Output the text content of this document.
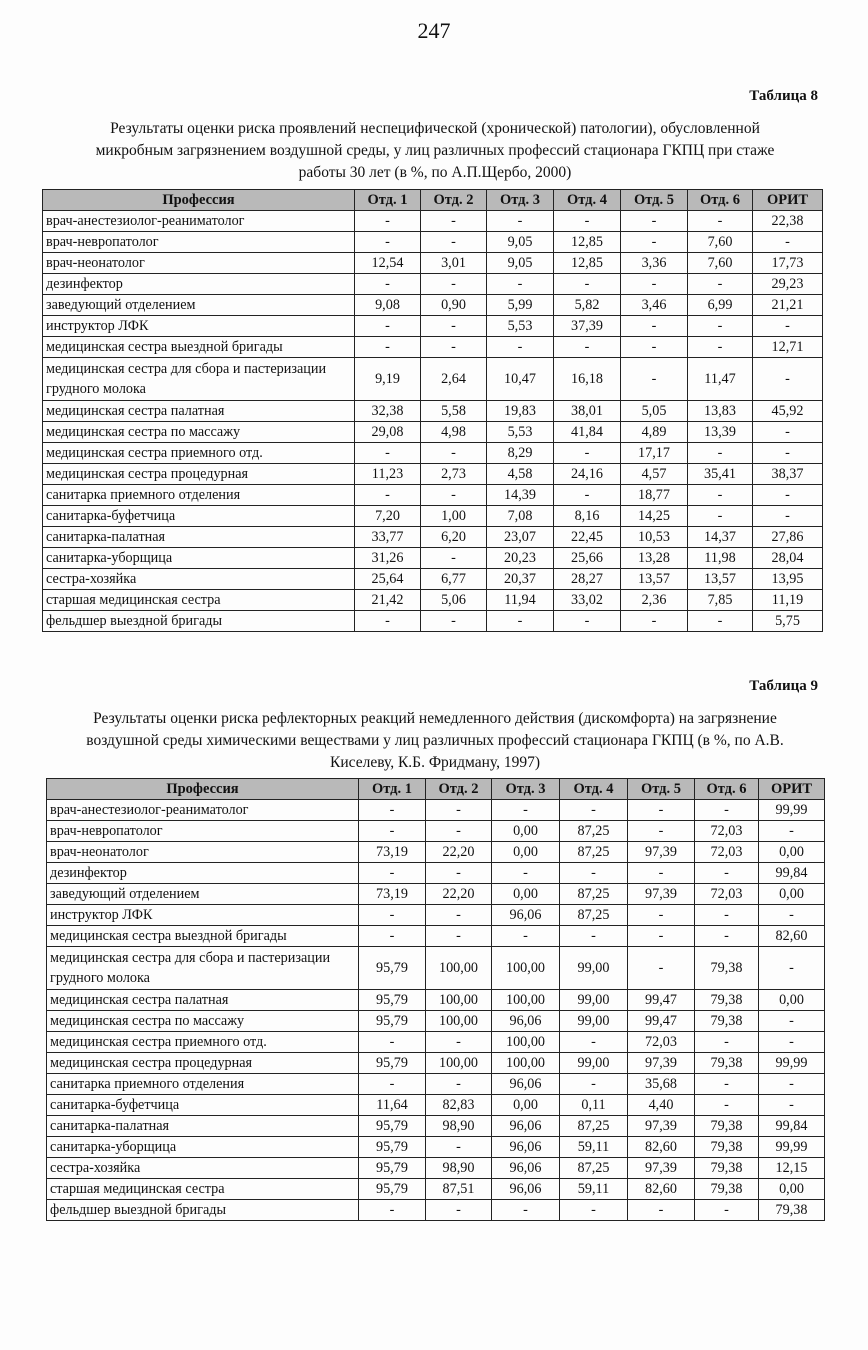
247
Таблица 8
Результаты оценки риска проявлений неспецифической (хронической) патологии), обусловленной
микробным загрязнением воздушной среды, у лиц различных профессий стационара ГКПЦ при стаже
работы 30 лет (в %, по А.П.Щербо, 2000)
Профессия	Отд. 1	Отд. 2	Отд. 3	Отд. 4	Отд. 5	Отд. 6	ОРИТ
врач-анестезиолог-реаниматолог	-	-	-	-	-	-	22,38
врач-невропатолог	-	-	9,05	12,85	-	7,60	-
врач-неонатолог	12,54	3,01	9,05	12,85	3,36	7,60	17,73
дезинфектор	-	-	-	-	-	-	29,23
заведующий отделением	9,08	0,90	5,99	5,82	3,46	6,99	21,21
инструктор ЛФК	-	-	5,53	37,39	-	-	-
медицинская сестра выездной бригады	-	-	-	-	-	-	12,71
медицинская сестра для сбора и пастеризации грудного молока	9,19	2,64	10,47	16,18	-	11,47	-
медицинская сестра палатная	32,38	5,58	19,83	38,01	5,05	13,83	45,92
медицинская сестра по массажу	29,08	4,98	5,53	41,84	4,89	13,39	-
медицинская сестра приемного отд.	-	-	8,29	-	17,17	-	-
медицинская сестра процедурная	11,23	2,73	4,58	24,16	4,57	35,41	38,37
санитарка приемного отделения	-	-	14,39	-	18,77	-	-
санитарка-буфетчица	7,20	1,00	7,08	8,16	14,25	-	-
санитарка-палатная	33,77	6,20	23,07	22,45	10,53	14,37	27,86
санитарка-уборщица	31,26	-	20,23	25,66	13,28	11,98	28,04
сестра-хозяйка	25,64	6,77	20,37	28,27	13,57	13,57	13,95
старшая медицинская сестра	21,42	5,06	11,94	33,02	2,36	7,85	11,19
фельдшер выездной бригады	-	-	-	-	-	-	5,75
Таблица 9
Результаты оценки риска рефлекторных реакций немедленного действия (дискомфорта) на загрязнение
воздушной среды химическими веществами у лиц различных профессий стационара ГКПЦ (в %, по А.В.
Киселеву, К.Б. Фридману, 1997)
Профессия	Отд. 1	Отд. 2	Отд. 3	Отд. 4	Отд. 5	Отд. 6	ОРИТ
врач-анестезиолог-реаниматолог	-	-	-	-	-	-	99,99
врач-невропатолог	-	-	0,00	87,25	-	72,03	-
врач-неонатолог	73,19	22,20	0,00	87,25	97,39	72,03	0,00
дезинфектор	-	-	-	-	-	-	99,84
заведующий отделением	73,19	22,20	0,00	87,25	97,39	72,03	0,00
инструктор ЛФК	-	-	96,06	87,25	-	-	-
медицинская сестра выездной бригады	-	-	-	-	-	-	82,60
медицинская сестра для сбора и пастеризации грудного молока	95,79	100,00	100,00	99,00	-	79,38	-
медицинская сестра палатная	95,79	100,00	100,00	99,00	99,47	79,38	0,00
медицинская сестра по массажу	95,79	100,00	96,06	99,00	99,47	79,38	-
медицинская сестра приемного отд.	-	-	100,00	-	72,03	-	-
медицинская сестра процедурная	95,79	100,00	100,00	99,00	97,39	79,38	99,99
санитарка приемного отделения	-	-	96,06	-	35,68	-	-
санитарка-буфетчица	11,64	82,83	0,00	0,11	4,40	-	-
санитарка-палатная	95,79	98,90	96,06	87,25	97,39	79,38	99,84
санитарка-уборщица	95,79	-	96,06	59,11	82,60	79,38	99,99
сестра-хозяйка	95,79	98,90	96,06	87,25	97,39	79,38	12,15
старшая медицинская сестра	95,79	87,51	96,06	59,11	82,60	79,38	0,00
фельдшер выездной бригады	-	-	-	-	-	-	79,38
